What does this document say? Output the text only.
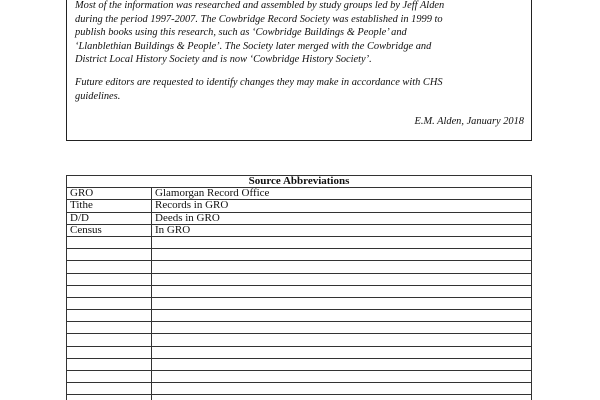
Most of the information was researched and assembled by study groups led by Jeff Alden
during the period 1997-2007. The Cowbridge Record Society was established in 1999 to
publish books using this research, such as ‘Cowbridge Buildings & People’ and
‘Llanblethian Buildings & People’. The Society later merged with the Cowbridge and
District Local History Society and is now ‘Cowbridge History Society’.

Future editors are requested to identify changes they may make in accordance with CHS
guidelines.

E.M. Alden, January 2018
Source Abbreviations	
GRO	Glamorgan Record Office
Tithe	Records in GRO
D/D	Deeds in GRO
Census	In GRO
